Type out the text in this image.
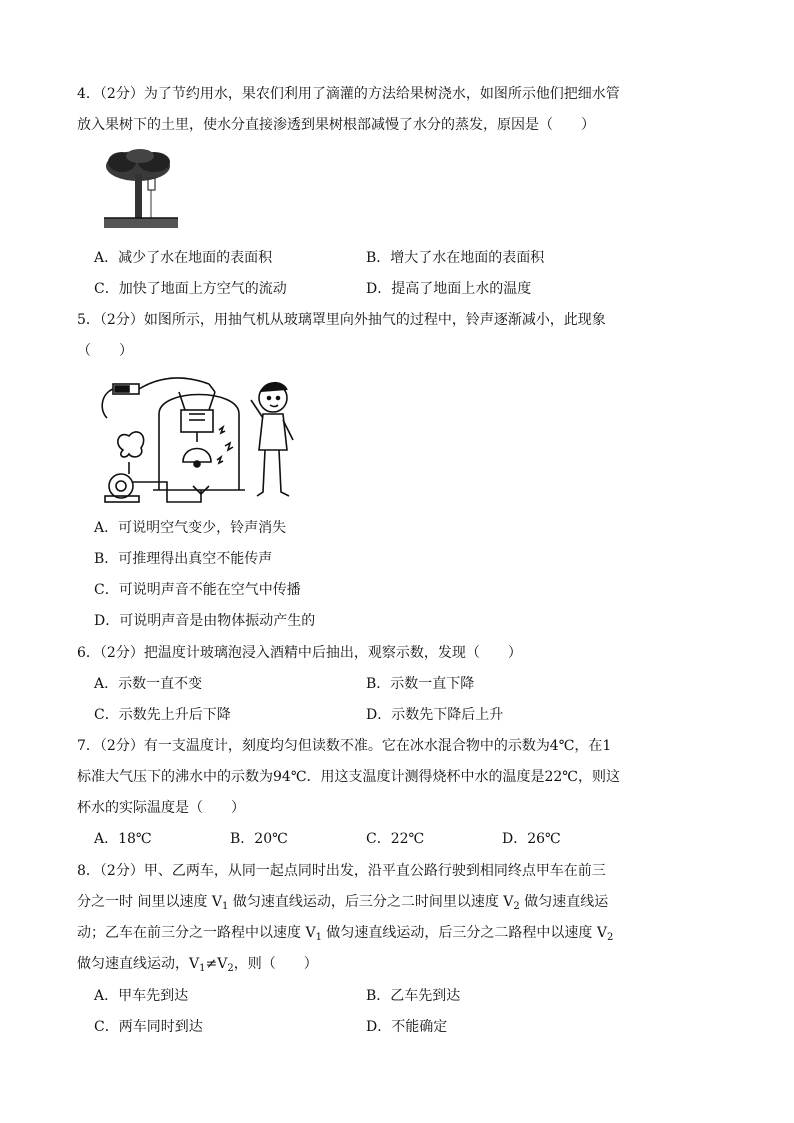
4．（2分）为了节约用水，果农们利用了滴灌的方法给果树浇水，如图所示他们把细水管
放入果树下的土里，使水分直接渗透到果树根部减慢了水分的蒸发，原因是（　　）
A．减少了水在地面的表面积	B．增大了水在地面的表面积
C．加快了地面上方空气的流动	D．提高了地面上水的温度
5．（2分）如图所示，用抽气机从玻璃罩里向外抽气的过程中，铃声逐渐减小，此现象
（　　）
A．可说明空气变少，铃声消失
B．可推理得出真空不能传声
C．可说明声音不能在空气中传播
D．可说明声音是由物体振动产生的
6．（2分）把温度计玻璃泡浸入酒精中后抽出，观察示数，发现（　　）
A．示数一直不变	B．示数一直下降
C．示数先上升后下降	D．示数先下降后上升
7．（2分）有一支温度计，刻度均匀但读数不准。它在冰水混合物中的示数为4℃，在1
标准大气压下的沸水中的示数为94℃．用这支温度计测得烧杯中水的温度是22℃，则这
杯水的实际温度是（　　）
A．18℃	B．20℃	C．22℃	D．26℃
8．（2分）甲、乙两车，从同一起点同时出发，沿平直公路行驶到相同终点甲车在前三
分之一时 间里以速度 $V_1$ 做匀速直线运动，后三分之二时间里以速度 $V_2$ 做匀速直线运
动；乙车在前三分之一路程中以速度 $V_1$ 做匀速直线运动，后三分之二路程中以速度 $V_2$
做匀速直线运动，$V_1\ne V_2$，则（　　）
A．甲车先到达	B．乙车先到达
C．两车同时到达	D．不能确定
